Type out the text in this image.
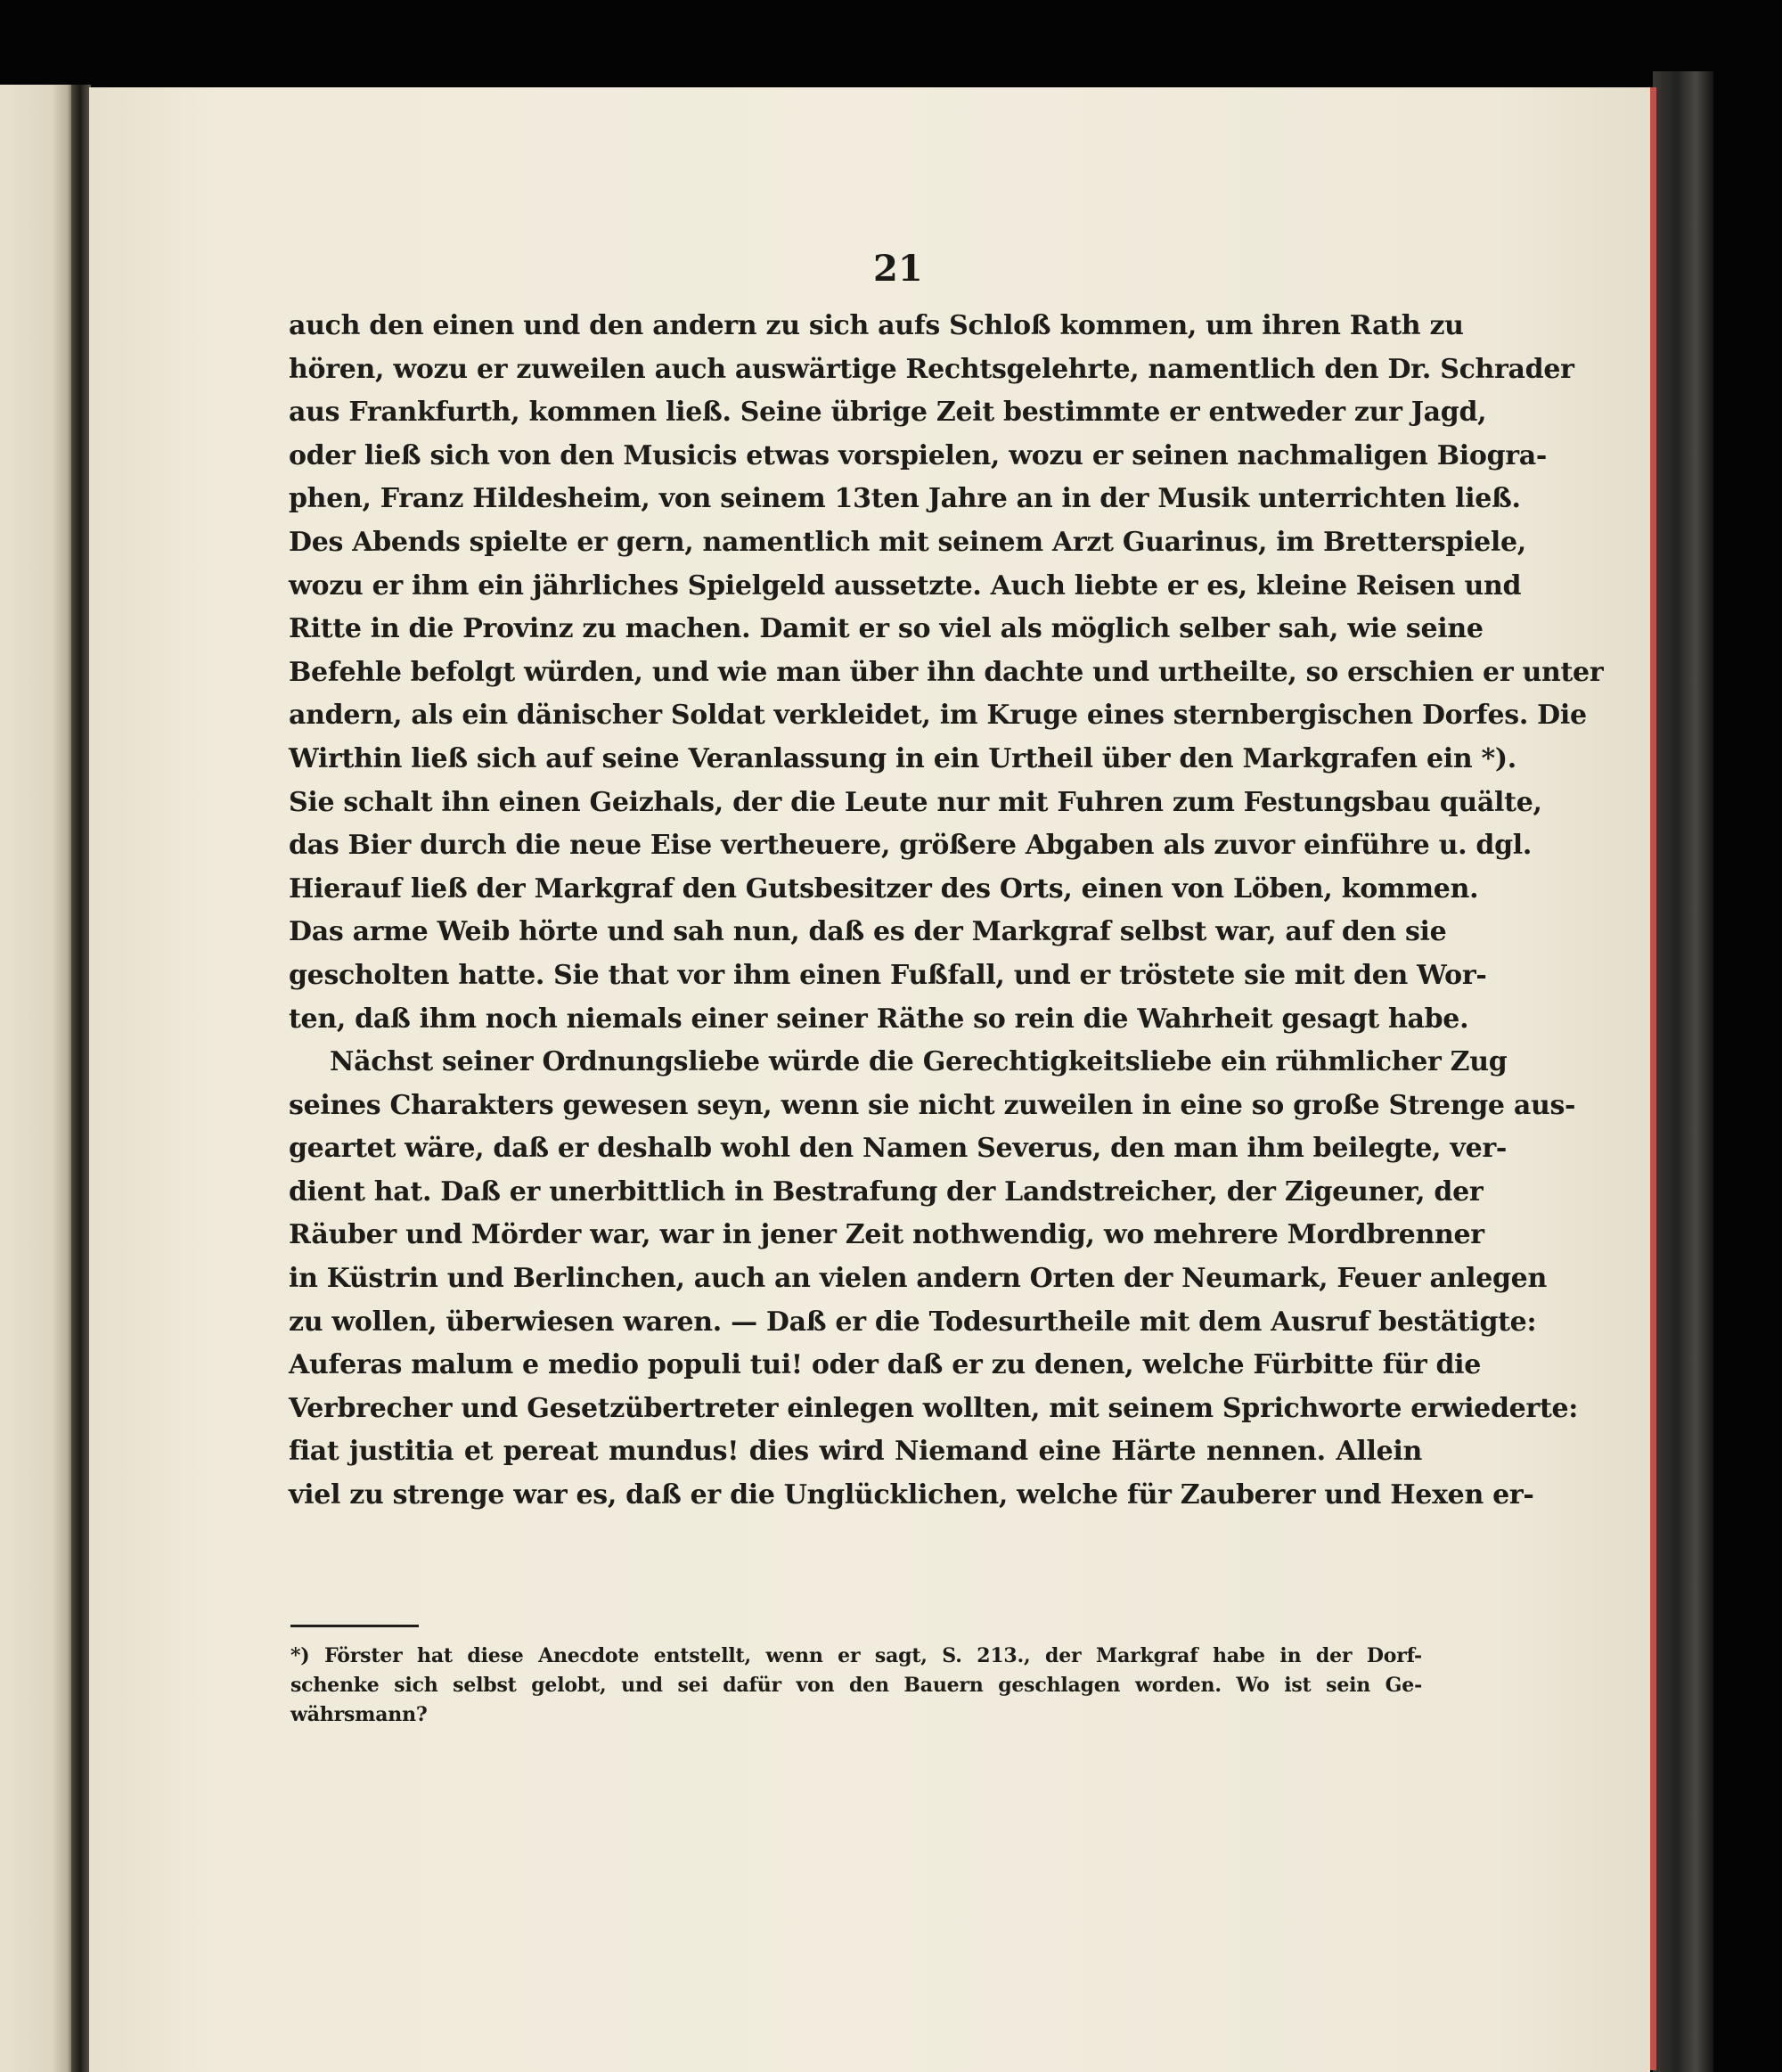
21
auch den einen und den andern zu sich aufs Schloß kommen, um ihren Rath zu
hören, wozu er zuweilen auch auswärtige Rechtsgelehrte, namentlich den Dr. Schrader
aus Frankfurth, kommen ließ. Seine übrige Zeit bestimmte er entweder zur Jagd,
oder ließ sich von den Musicis etwas vorspielen, wozu er seinen nachmaligen Biogra-
phen, Franz Hildesheim, von seinem 13ten Jahre an in der Musik unterrichten ließ.
Des Abends spielte er gern, namentlich mit seinem Arzt Guarinus, im Bretterspiele,
wozu er ihm ein jährliches Spielgeld aussetzte. Auch liebte er es, kleine Reisen und
Ritte in die Provinz zu machen. Damit er so viel als möglich selber sah, wie seine
Befehle befolgt würden, und wie man über ihn dachte und urtheilte, so erschien er unter
andern, als ein dänischer Soldat verkleidet, im Kruge eines sternbergischen Dorfes. Die
Wirthin ließ sich auf seine Veranlassung in ein Urtheil über den Markgrafen ein *).
Sie schalt ihn einen Geizhals, der die Leute nur mit Fuhren zum Festungsbau quälte,
das Bier durch die neue Eise vertheuere, größere Abgaben als zuvor einführe u. dgl.
Hierauf ließ der Markgraf den Gutsbesitzer des Orts, einen von Löben, kommen.
Das arme Weib hörte und sah nun, daß es der Markgraf selbst war, auf den sie
gescholten hatte. Sie that vor ihm einen Fußfall, und er tröstete sie mit den Wor-
ten, daß ihm noch niemals einer seiner Räthe so rein die Wahrheit gesagt habe.
Nächst seiner Ordnungsliebe würde die Gerechtigkeitsliebe ein rühmlicher Zug
seines Charakters gewesen seyn, wenn sie nicht zuweilen in eine so große Strenge aus-
geartet wäre, daß er deshalb wohl den Namen Severus, den man ihm beilegte, ver-
dient hat. Daß er unerbittlich in Bestrafung der Landstreicher, der Zigeuner, der
Räuber und Mörder war, war in jener Zeit nothwendig, wo mehrere Mordbrenner
in Küstrin und Berlinchen, auch an vielen andern Orten der Neumark, Feuer anlegen
zu wollen, überwiesen waren. — Daß er die Todesurtheile mit dem Ausruf bestätigte:
Auferas malum e medio populi tui! oder daß er zu denen, welche Fürbitte für die
Verbrecher und Gesetzübertreter einlegen wollten, mit seinem Sprichworte erwiederte:
fiat justitia et pereat mundus! dies wird Niemand eine Härte nennen. Allein
viel zu strenge war es, daß er die Unglücklichen, welche für Zauberer und Hexen er-
*) Förster hat diese Anecdote entstellt, wenn er sagt, S. 213., der Markgraf habe in der Dorf-
schenke sich selbst gelobt, und sei dafür von den Bauern geschlagen worden. Wo ist sein Ge-
währsmann?
